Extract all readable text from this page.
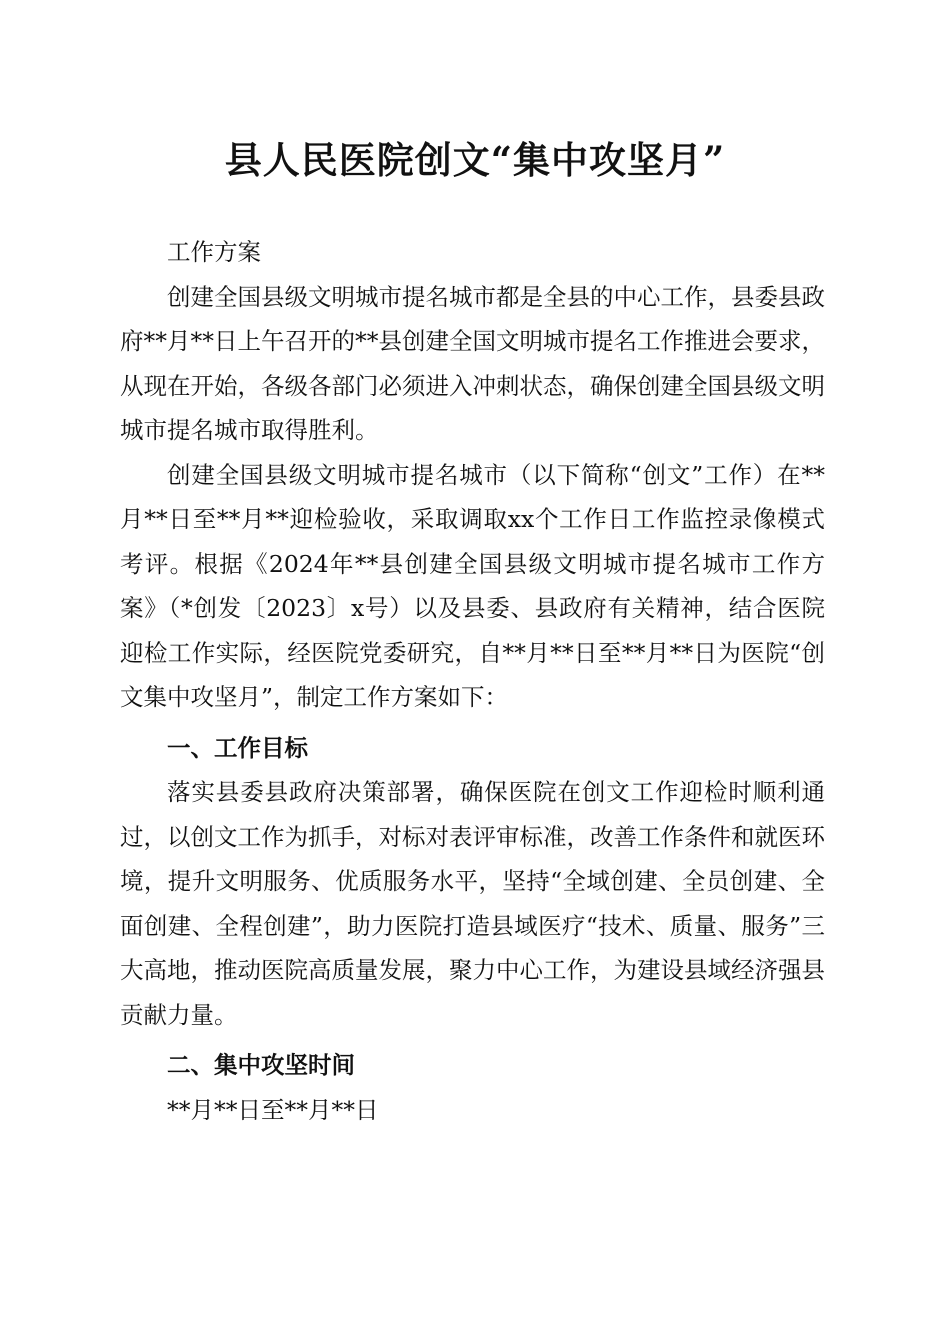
县人民医院创文“集中攻坚月”

工作方案

创建全国县级文明城市提名城市都是全县的中心工作，县委县政府**月**日上午召开的**县创建全国文明城市提名工作推进会要求，从现在开始，各级各部门必须进入冲刺状态，确保创建全国县级文明城市提名城市取得胜利。

创建全国县级文明城市提名城市（以下简称“创文”工作）在**月**日至**月**迎检验收，采取调取xx个工作日工作监控录像模式考评。根据《2024年**县创建全国县级文明城市提名城市工作方案》（*创发〔2023〕x号）以及县委、县政府有关精神，结合医院迎检工作实际，经医院党委研究，自**月**日至**月**日为医院“创文集中攻坚月”，制定工作方案如下：

一、工作目标

落实县委县政府决策部署，确保医院在创文工作迎检时顺利通过，以创文工作为抓手，对标对表评审标准，改善工作条件和就医环境，提升文明服务、优质服务水平，坚持“全域创建、全员创建、全面创建、全程创建”，助力医院打造县域医疗“技术、质量、服务”三大高地，推动医院高质量发展，聚力中心工作，为建设县域经济强县贡献力量。

二、集中攻坚时间

**月**日至**月**日
